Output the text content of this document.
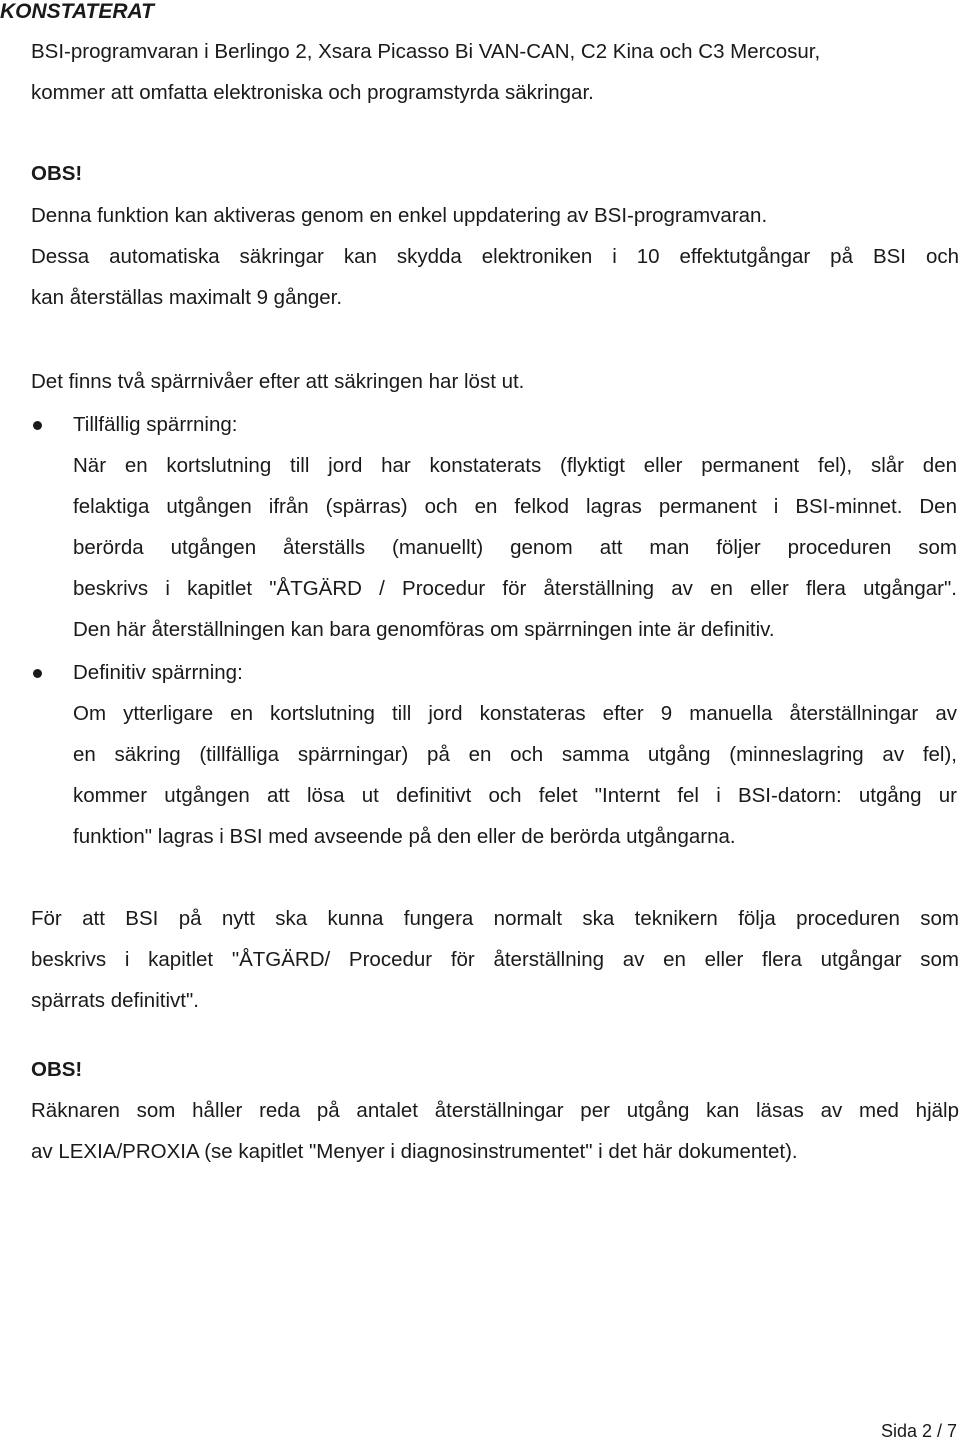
KONSTATERAT

BSI-programvaran i Berlingo 2, Xsara Picasso Bi VAN-CAN, C2 Kina och C3 Mercosur,
kommer att omfatta elektroniska och programstyrda säkringar.

OBS!

Denna funktion kan aktiveras genom en enkel uppdatering av BSI-programvaran.
Dessa automatiska säkringar kan skydda elektroniken i 10 effektutgångar på BSI och
kan återställas maximalt 9 gånger.
Det finns två spärrnivåer efter att säkringen har löst ut.
Tillfällig spärrning:
När en kortslutning till jord har konstaterats (flyktigt eller permanent fel), slår den
felaktiga utgången ifrån (spärras) och en felkod lagras permanent i BSI-minnet. Den
berörda utgången återställs (manuellt) genom att man följer proceduren som
beskrivs i kapitlet "ÅTGÄRD / Procedur för återställning av en eller flera utgångar".
Den här återställningen kan bara genomföras om spärrningen inte är definitiv.
Definitiv spärrning:
Om ytterligare en kortslutning till jord konstateras efter 9 manuella återställningar av
en säkring (tillfälliga spärrningar) på en och samma utgång (minneslagring av fel),
kommer utgången att lösa ut definitivt och felet "Internt fel i BSI-datorn: utgång ur
funktion" lagras i BSI med avseende på den eller de berörda utgångarna.
För att BSI på nytt ska kunna fungera normalt ska teknikern följa proceduren som
beskrivs i kapitlet "ÅTGÄRD/ Procedur för återställning av en eller flera utgångar som
spärrats definitivt".

OBS!

Räknaren som håller reda på antalet återställningar per utgång kan läsas av med hjälp
av LEXIA/PROXIA (se kapitlet "Menyer i diagnosinstrumentet" i det här dokumentet).
Sida 2 / 7
